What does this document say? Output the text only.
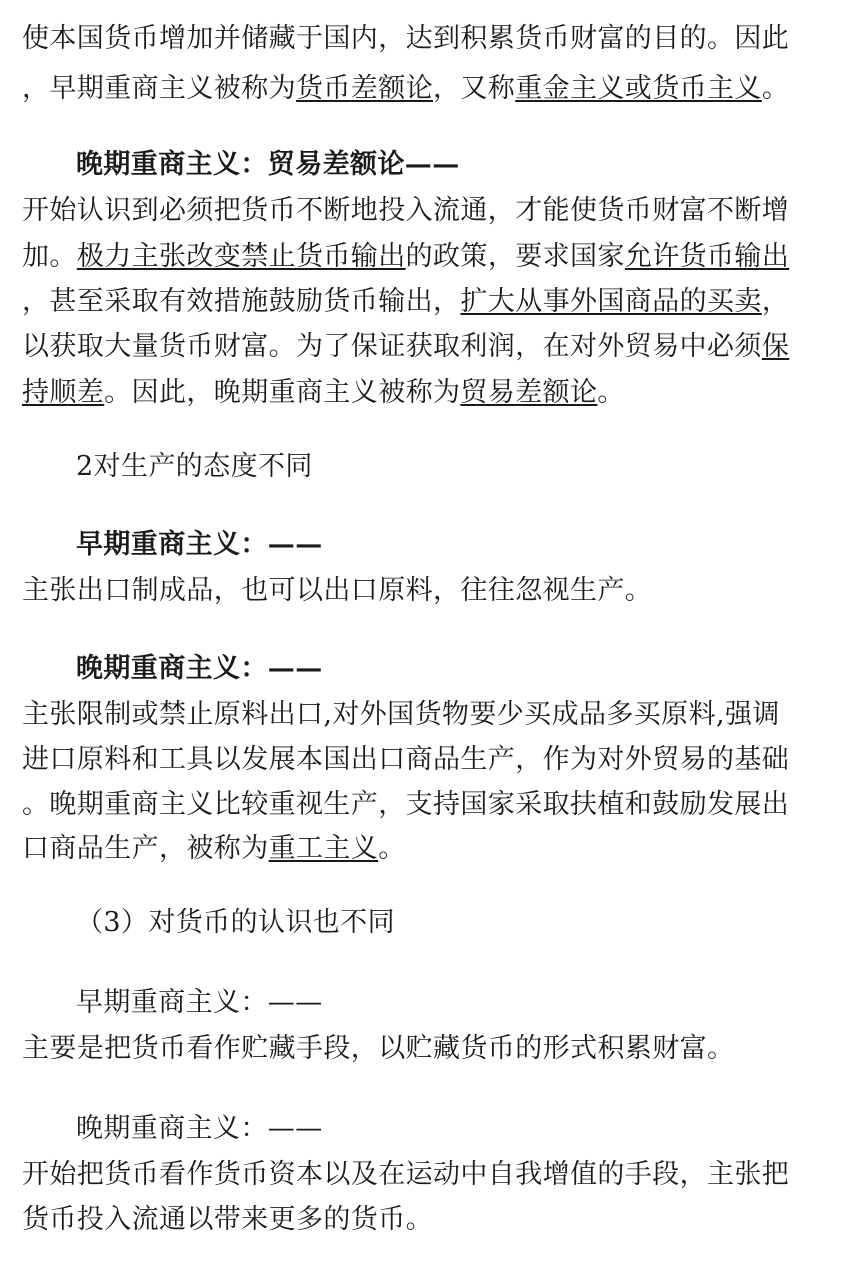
使本国货币增加并储藏于国内，达到积累货币财富的目的。因此
，早期重商主义被称为货币差额论，又称重金主义或货币主义。
晚期重商主义：贸易差额论——
开始认识到必须把货币不断地投入流通，才能使货币财富不断增
加。极力主张改变禁止货币输出的政策，要求国家允许货币输出
，甚至采取有效措施鼓励货币输出，扩大从事外国商品的买卖，
以获取大量货币财富。为了保证获取利润，在对外贸易中必须保
持顺差。因此，晚期重商主义被称为贸易差额论。
2对生产的态度不同
早期重商主义：——
主张出口制成品，也可以出口原料，往往忽视生产。
晚期重商主义：——
主张限制或禁止原料出口,对外国货物要少买成品多买原料,强调
进口原料和工具以发展本国出口商品生产，作为对外贸易的基础
。晚期重商主义比较重视生产，支持国家采取扶植和鼓励发展出
口商品生产，被称为重工主义。
（3）对货币的认识也不同
早期重商主义：——
主要是把货币看作贮藏手段，以贮藏货币的形式积累财富。
晚期重商主义：——
开始把货币看作货币资本以及在运动中自我增值的手段，主张把
货币投入流通以带来更多的货币。
